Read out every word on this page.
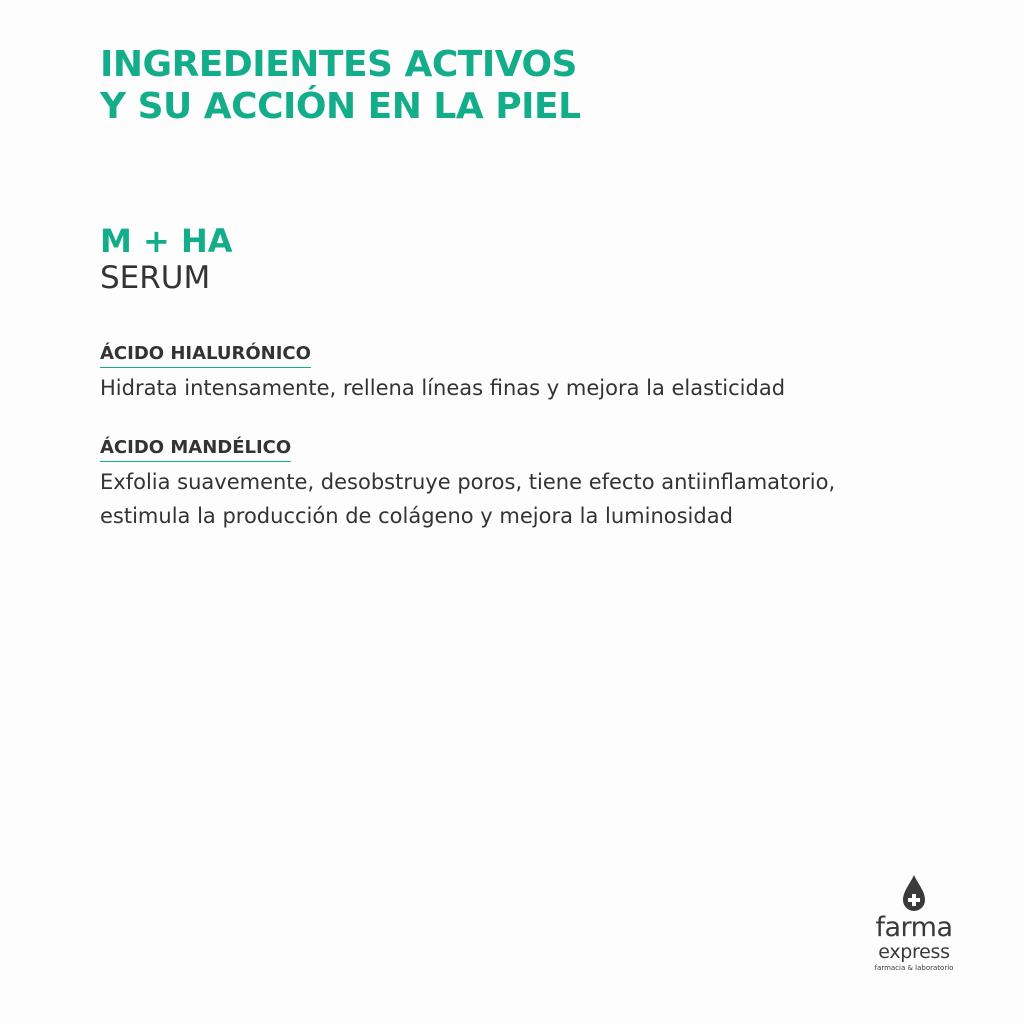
INGREDIENTES ACTIVOS
Y SU ACCIÓN EN LA PIEL
M + HA
SERUM
ÁCIDO HIALURÓNICO

Hidrata intensamente, rellena líneas finas y mejora la elasticidad

ÁCIDO MANDÉLICO

Exfolia suavemente, desobstruye poros, tiene efecto antiinflamatorio,
estimula la producción de colágeno y mejora la luminosidad

farma
express
farmacia & laboratorio
